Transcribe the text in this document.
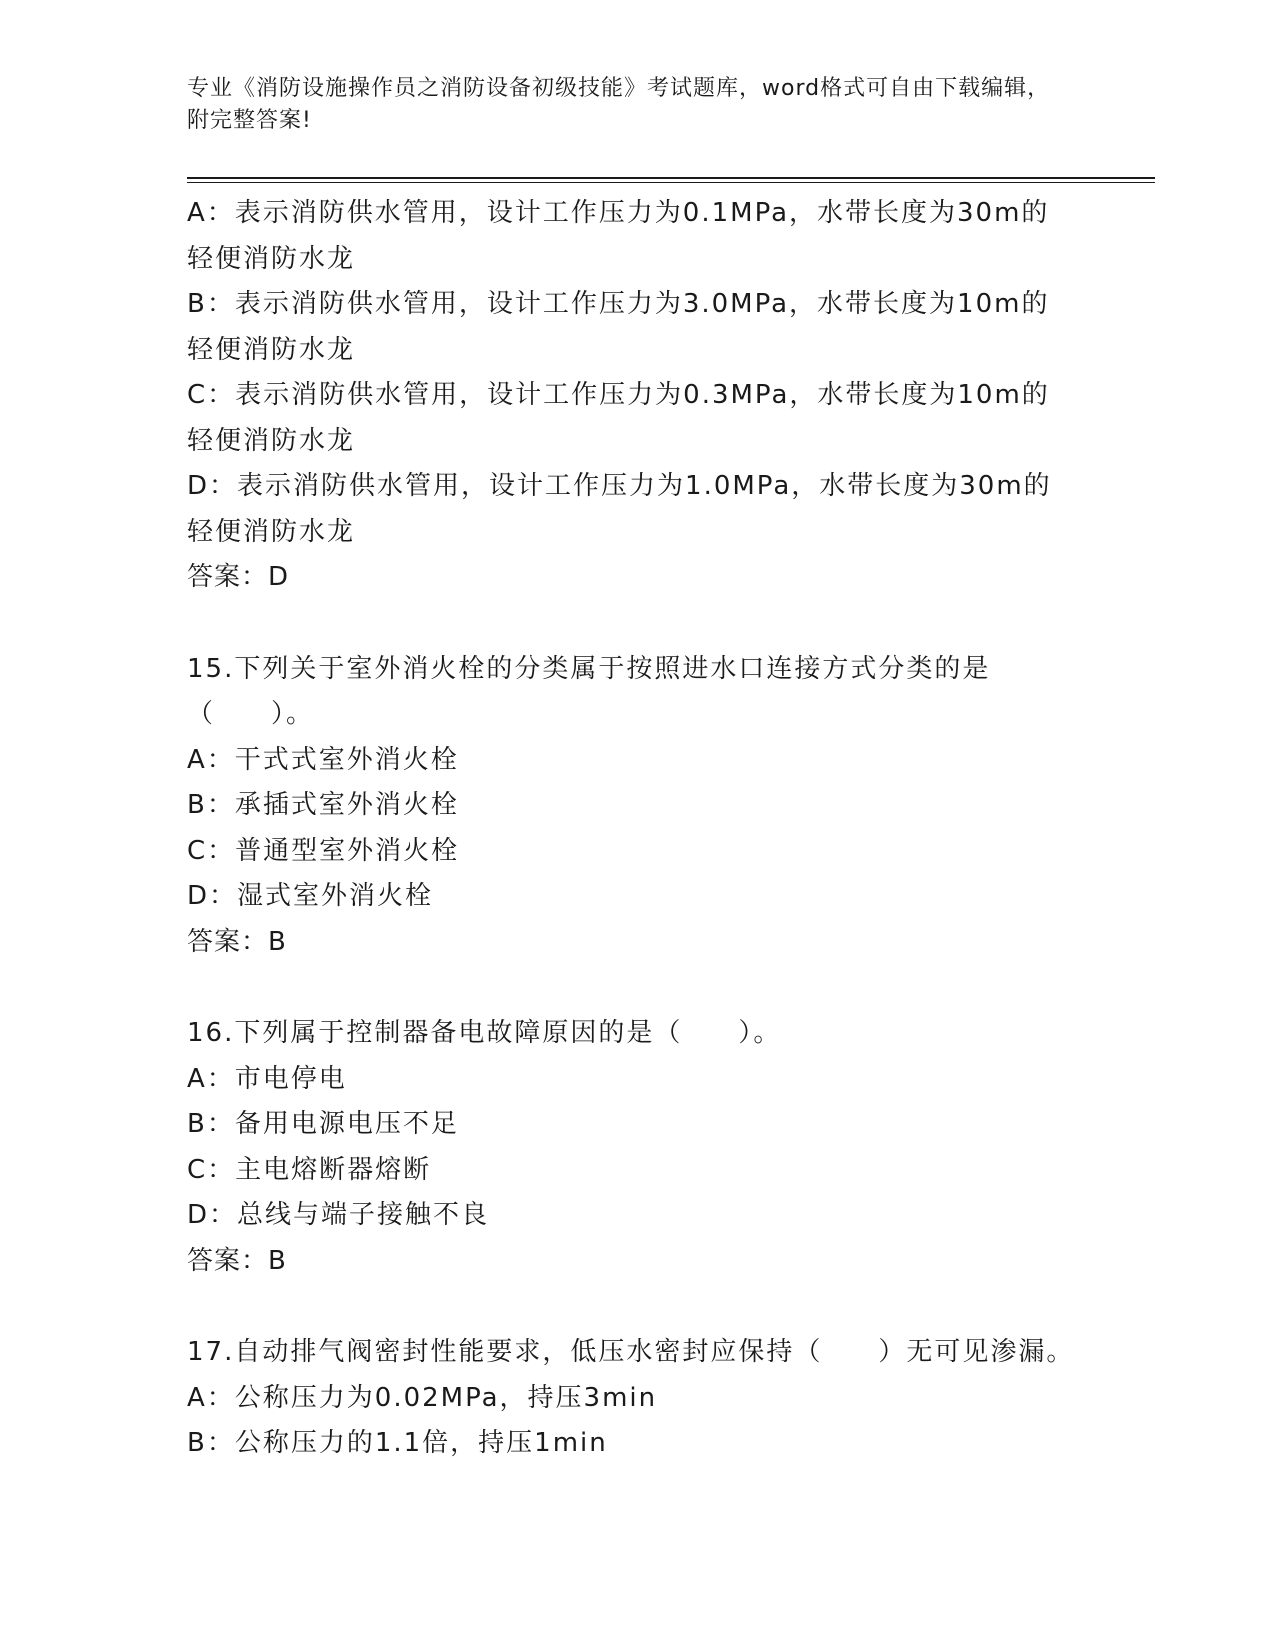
专业《消防设施操作员之消防设备初级技能》考试题库，word格式可自由下载编辑，附完整答案!
A：表示消防供水管用，设计工作压力为0.1MPa，水带长度为30m的轻便消防水龙
B：表示消防供水管用，设计工作压力为3.0MPa，水带长度为10m的轻便消防水龙
C：表示消防供水管用，设计工作压力为0.3MPa，水带长度为10m的轻便消防水龙
D：表示消防供水管用，设计工作压力为1.0MPa，水带长度为30m的轻便消防水龙
答案：D
15.下列关于室外消火栓的分类属于按照进水口连接方式分类的是（　　）。
A：干式式室外消火栓
B：承插式室外消火栓
C：普通型室外消火栓
D：湿式室外消火栓
答案：B
16.下列属于控制器备电故障原因的是（　　）。
A：市电停电
B：备用电源电压不足
C：主电熔断器熔断
D：总线与端子接触不良
答案：B
17.自动排气阀密封性能要求，低压水密封应保持（　　）无可见渗漏。
A：公称压力为0.02MPa，持压3min
B：公称压力的1.1倍，持压1min
